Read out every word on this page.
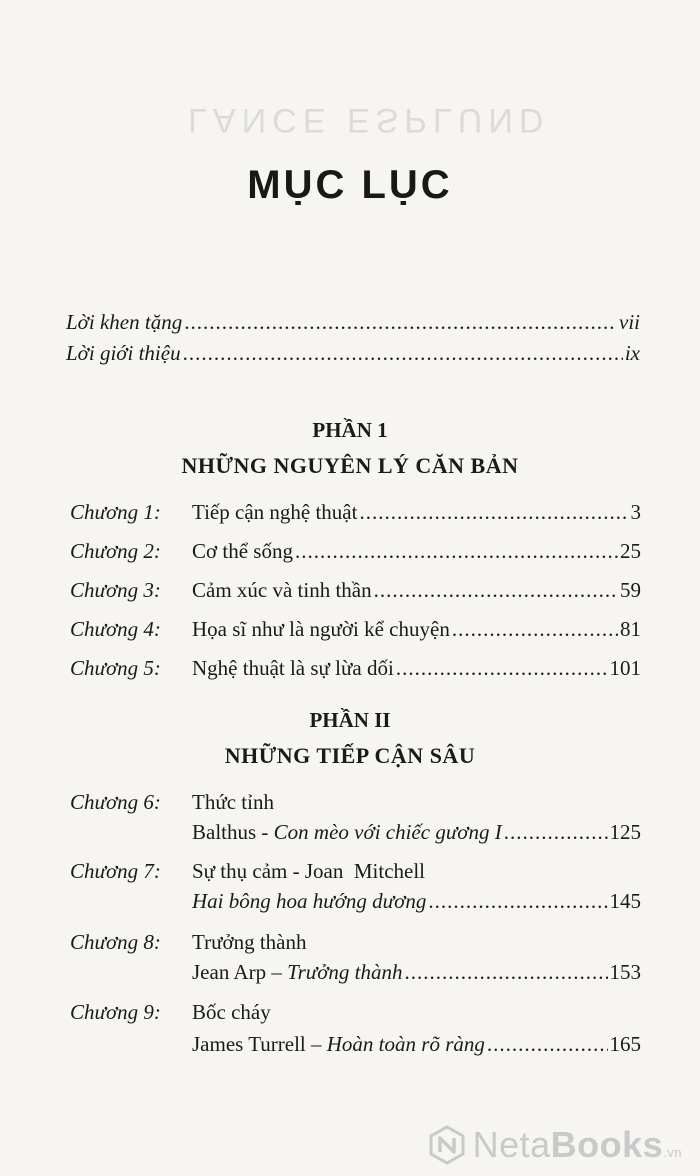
LANCE ESPLUND
MỤC LỤC
Lời khen tặng .....	vii
Lời giới thiệu .....	ix
PHẦN 1
NHỮNG NGUYÊN LÝ CĂN BẢN
Chương 1: Tiếp cận nghệ thuật .....	3
Chương 2: Cơ thể sống .....	25
Chương 3: Cảm xúc và tinh thần .....	59
Chương 4: Họa sĩ như là người kể chuyện .....	81
Chương 5: Nghệ thuật là sự lừa dối .....	101
PHẦN II
NHỮNG TIẾP CẬN SÂU
Chương 6: Thức tỉnh
Balthus - Con mèo với chiếc gương I .....	125
Chương 7: Sự thụ cảm - Joan  Mitchell
Hai bông hoa hướng dương .....	145
Chương 8: Trưởng thành
Jean Arp – Trưởng thành .....	153
Chương 9: Bốc cháy
James Turrell – Hoàn toàn rõ ràng .....	165
NetaBooks.vn
